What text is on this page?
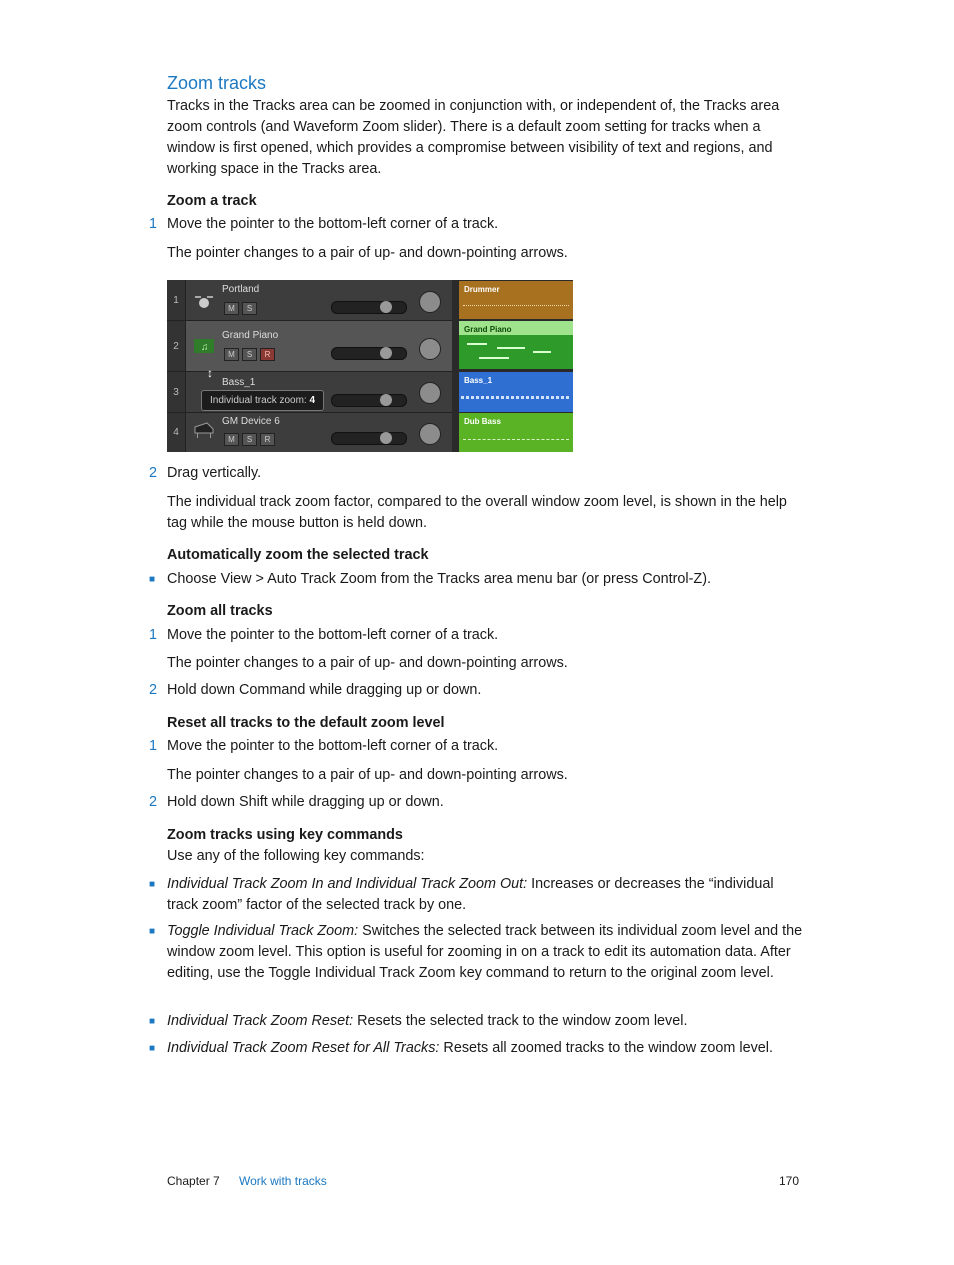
Zoom tracks
Tracks in the Tracks area can be zoomed in conjunction with, or independent of, the Tracks area zoom controls (and Waveform Zoom slider). There is a default zoom setting for tracks when a window is first opened, which provides a compromise between visibility of text and regions, and working space in the Tracks area.
Zoom a track
1 Move the pointer to the bottom-left corner of a track.
The pointer changes to a pair of up- and down-pointing arrows.
1
Portland
M	S
2	♫
Grand Piano
M	S	R
3
Bass_1
4
GM Device 6
M	S	R
Drummer
Grand Piano
Bass_1
Dub Bass
↕
Individual track zoom: 4
2 Drag vertically.
The individual track zoom factor, compared to the overall window zoom level, is shown in the help tag while the mouse button is held down.
Automatically zoom the selected track
■
Choose View > Auto Track Zoom from the Tracks area menu bar (or press Control-Z).
Zoom all tracks
1 Move the pointer to the bottom-left corner of a track.
The pointer changes to a pair of up- and down-pointing arrows.
2 Hold down Command while dragging up or down.
Reset all tracks to the default zoom level
1 Move the pointer to the bottom-left corner of a track.
The pointer changes to a pair of up- and down-pointing arrows.
2 Hold down Shift while dragging up or down.
Zoom tracks using key commands
Use any of the following key commands:
■
Individual Track Zoom In and Individual Track Zoom Out: Increases or decreases the “individual track zoom” factor of the selected track by one.
■
Toggle Individual Track Zoom: Switches the selected track between its individual zoom level and the window zoom level. This option is useful for zooming in on a track to edit its automation data. After editing, use the Toggle Individual Track Zoom key command to return to the original zoom level.
■
Individual Track Zoom Reset: Resets the selected track to the window zoom level.
■
Individual Track Zoom Reset for All Tracks: Resets all zoomed tracks to the window zoom level.
Chapter 7 Work with tracks	170
